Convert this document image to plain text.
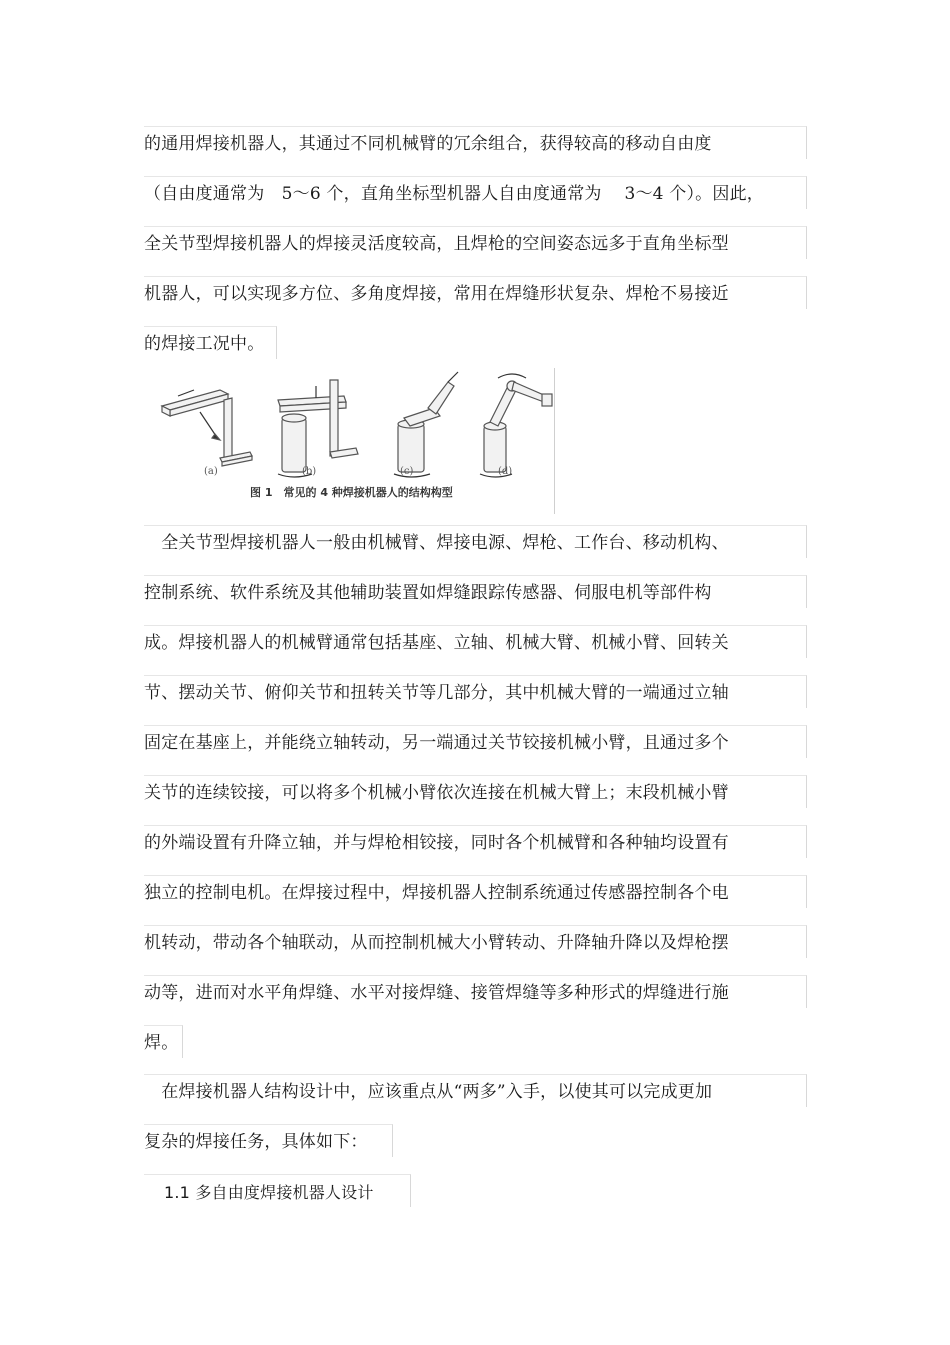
的通用焊接机器人，其通过不同机械臂的冗余组合，获得较高的移动自由度
（自由度通常为　5～6 个，直角坐标型机器人自由度通常为　 3～4 个）。因此，
全关节型焊接机器人的焊接灵活度较高，且焊枪的空间姿态远多于直角坐标型
机器人，可以实现多方位、多角度焊接，常用在焊缝形状复杂、焊枪不易接近
的焊接工况中。
(a)	(b)	(c)	(d)
图 1　常见的 4 种焊接机器人的结构构型
　全关节型焊接机器人一般由机械臂、焊接电源、焊枪、工作台、移动机构、
控制系统、软件系统及其他辅助装置如焊缝跟踪传感器、伺服电机等部件构
成。焊接机器人的机械臂通常包括基座、立轴、机械大臂、机械小臂、回转关
节、摆动关节、俯仰关节和扭转关节等几部分，其中机械大臂的一端通过立轴
固定在基座上，并能绕立轴转动，另一端通过关节铰接机械小臂，且通过多个
关节的连续铰接，可以将多个机械小臂依次连接在机械大臂上；末段机械小臂
的外端设置有升降立轴，并与焊枪相铰接，同时各个机械臂和各种轴均设置有
独立的控制电机。在焊接过程中，焊接机器人控制系统通过传感器控制各个电
机转动，带动各个轴联动，从而控制机械大小臂转动、升降轴升降以及焊枪摆
动等，进而对水平角焊缝、水平对接焊缝、接管焊缝等多种形式的焊缝进行施
焊。
　在焊接机器人结构设计中，应该重点从“两多”入手，以使其可以完成更加
复杂的焊接任务，具体如下：
1.1 多自由度焊接机器人设计
